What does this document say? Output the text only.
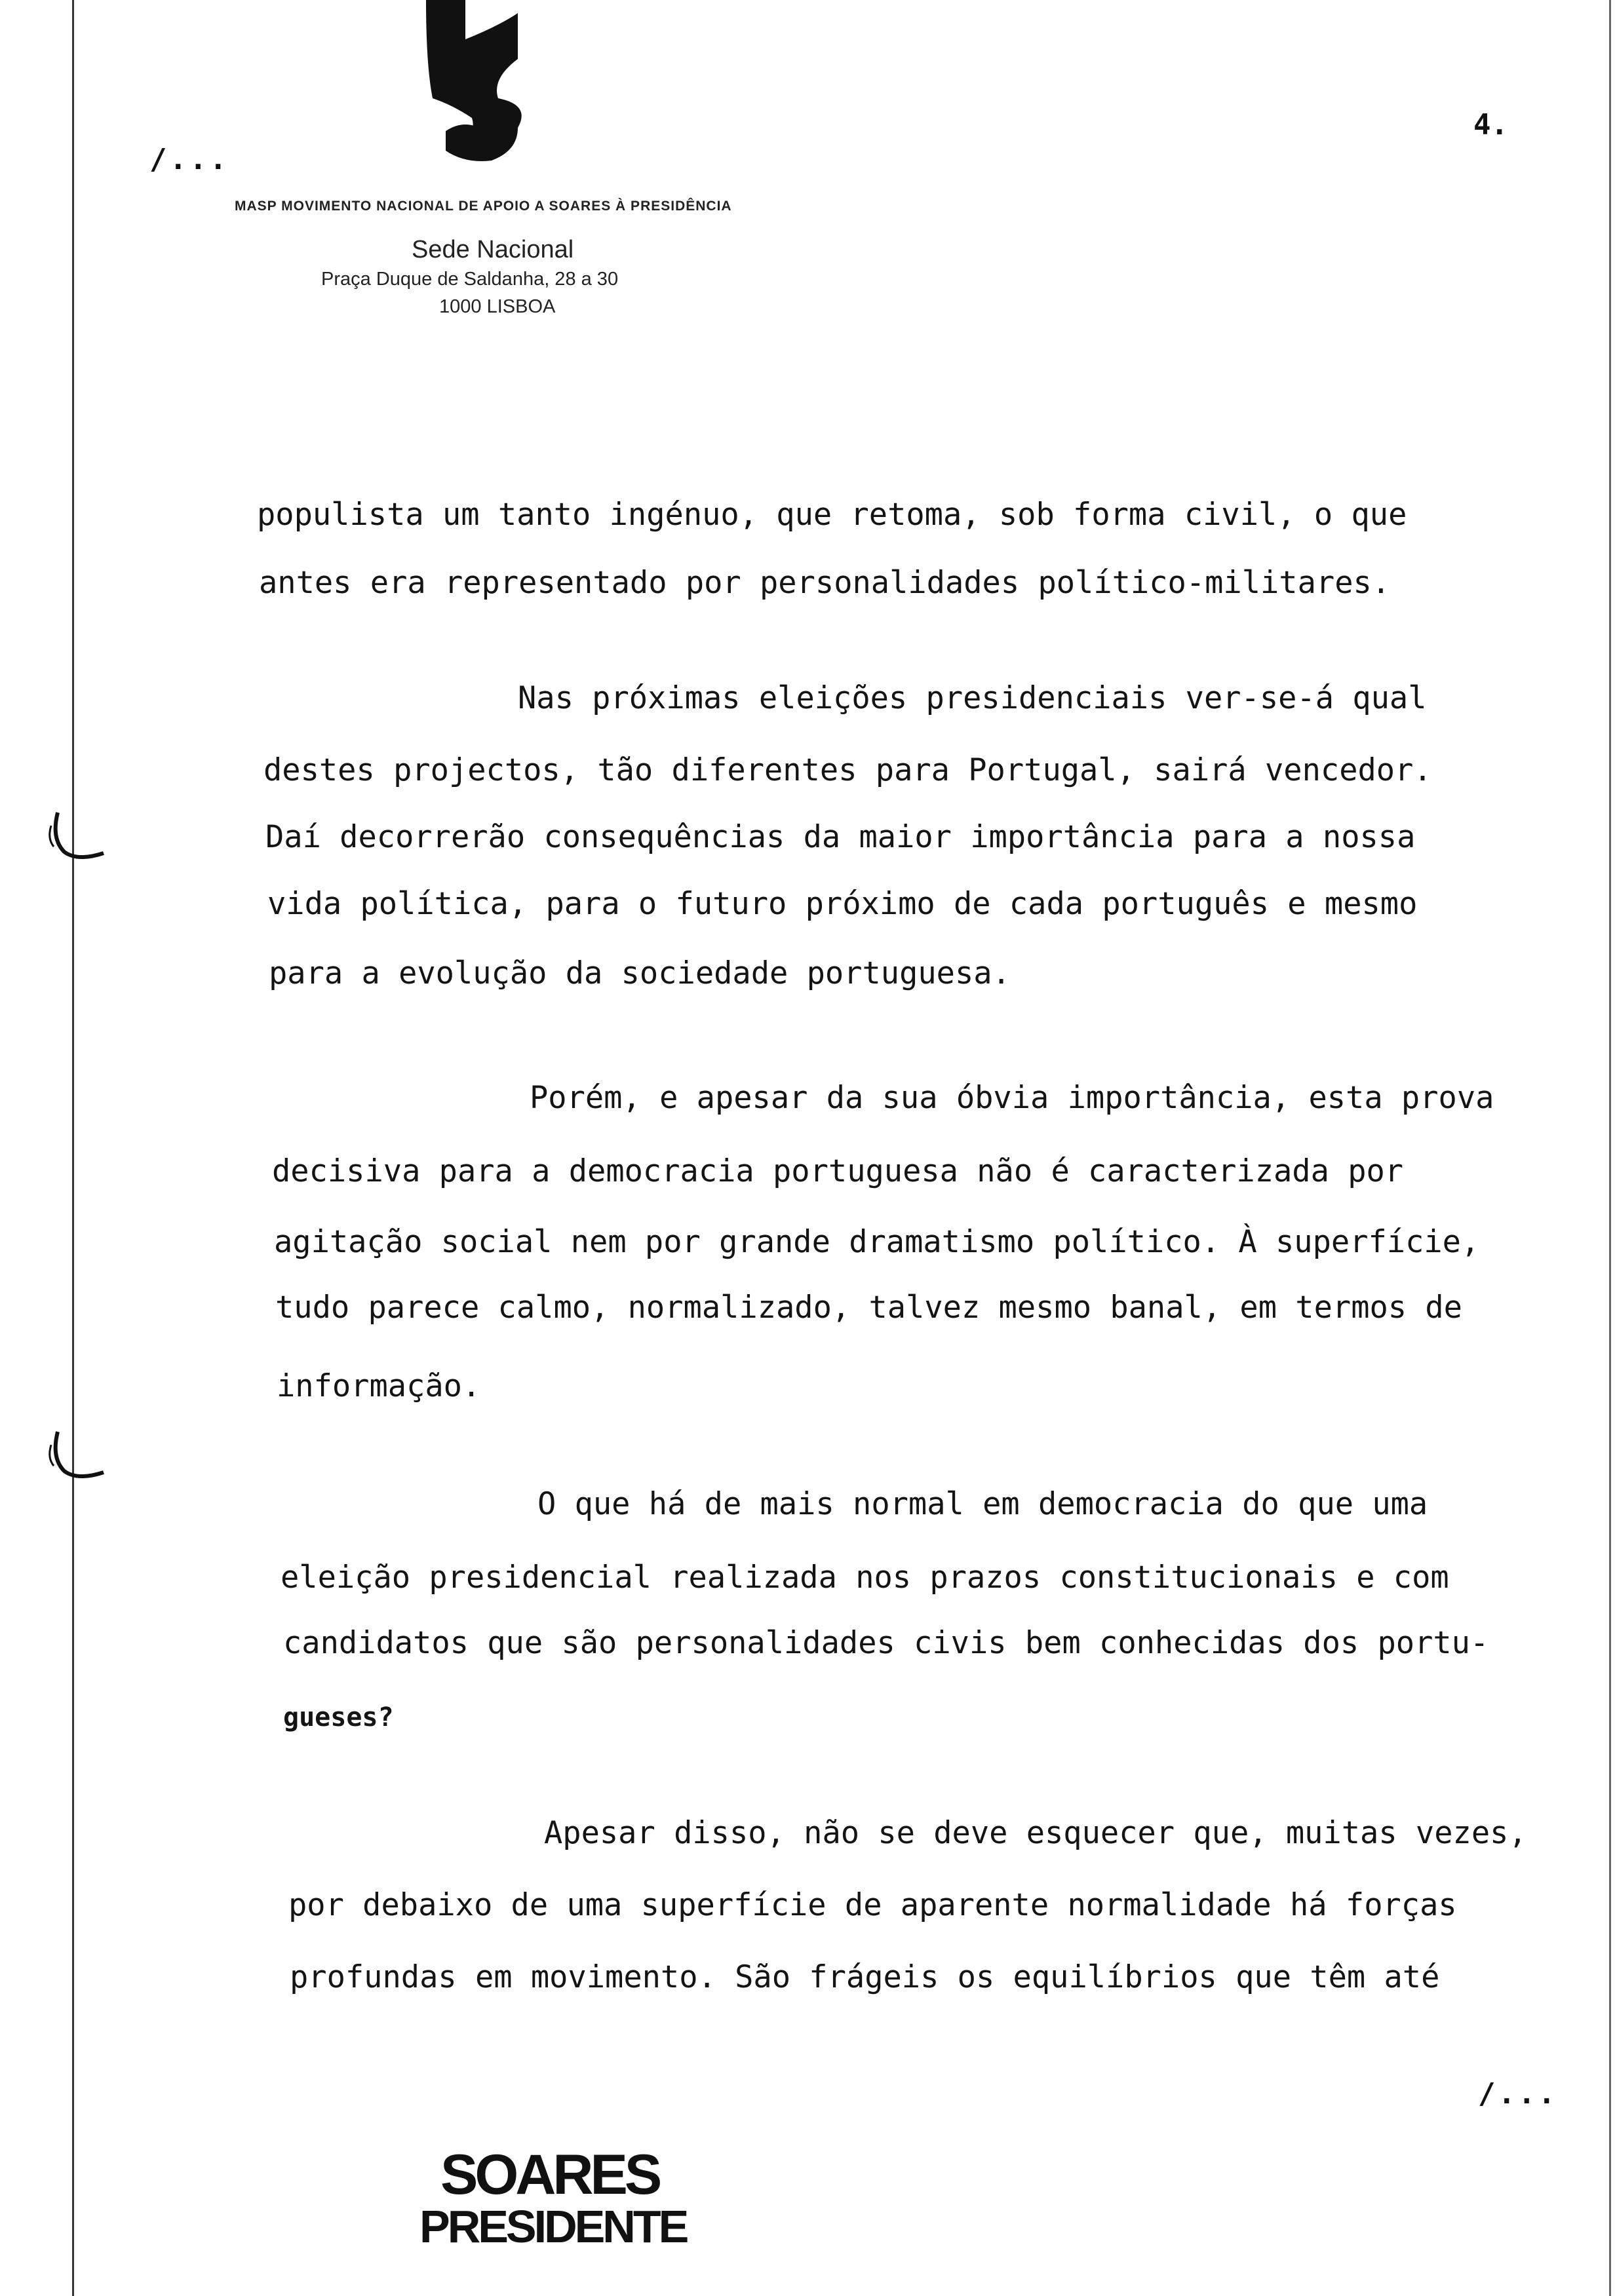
/...
4.
MASP MOVIMENTO NACIONAL DE APOIO A SOARES À PRESIDÊNCIA
Sede Nacional
Praça Duque de Saldanha, 28 a 30
1000 LISBOA
populista um tanto ingénuo, que retoma, sob forma civil, o que
antes era representado por personalidades político-militares.
Nas próximas eleições presidenciais ver-se-á qual
destes projectos, tão diferentes para Portugal, sairá vencedor.
Daí decorrerão consequências da maior importância para a nossa
vida política, para o futuro próximo de cada português e mesmo
para a evolução da sociedade portuguesa.
Porém, e apesar da sua óbvia importância, esta prova
decisiva para a democracia portuguesa não é caracterizada por
agitação social nem por grande dramatismo político. À superfície,
tudo parece calmo, normalizado, talvez mesmo banal, em termos de
informação.
O que há de mais normal em democracia do que uma
eleição presidencial realizada nos prazos constitucionais e com
candidatos que são personalidades civis bem conhecidas dos portu-
gueses?
Apesar disso, não se deve esquecer que, muitas vezes,
por debaixo de uma superfície de aparente normalidade há forças
profundas em movimento. São frágeis os equilíbrios que têm até
/...
SOARES
PRESIDENTE
